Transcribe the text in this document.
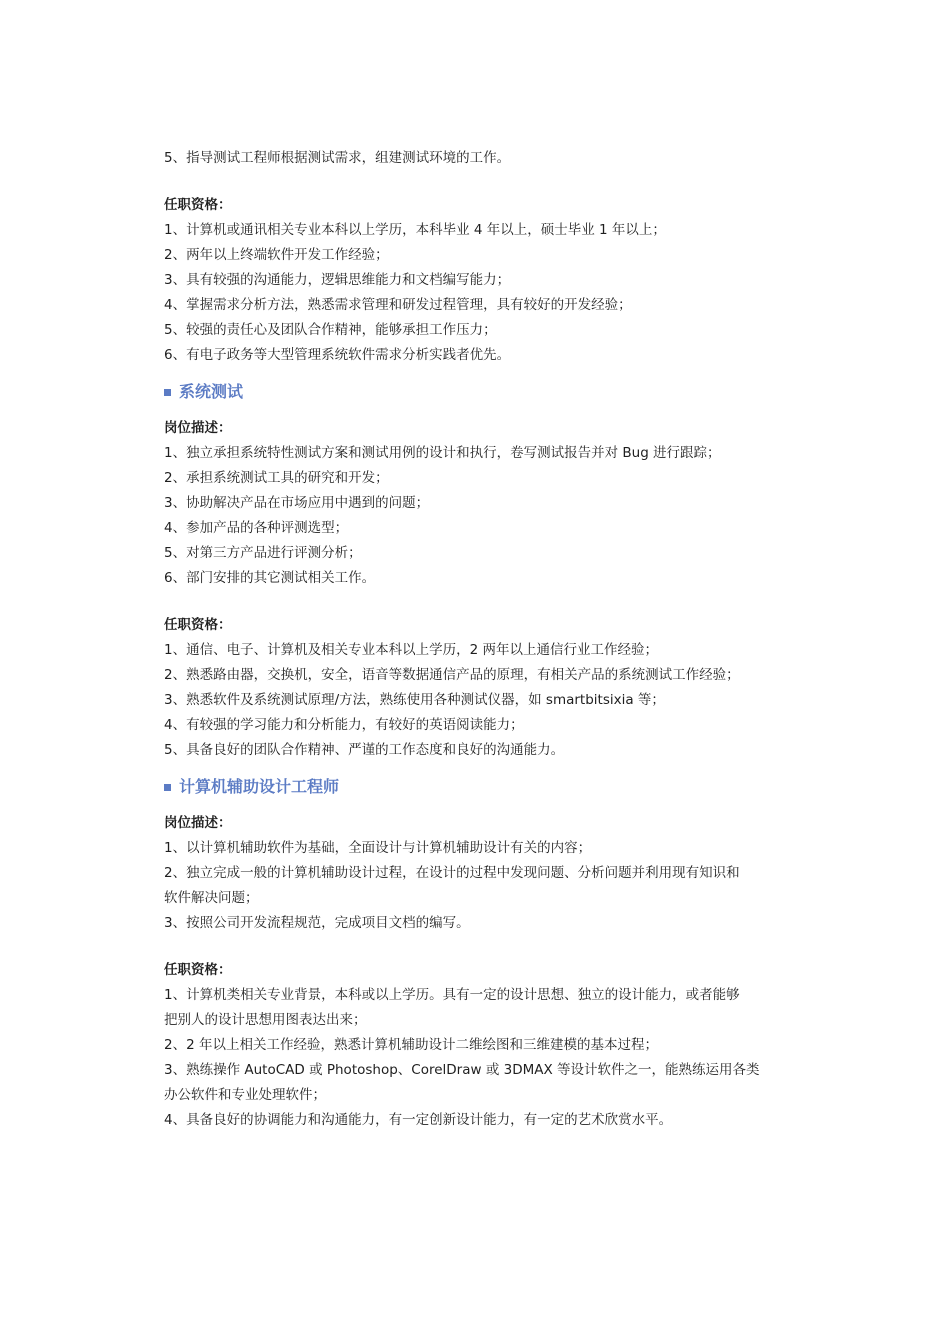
5、指导测试工程师根据测试需求，组建测试环境的工作。
任职资格：
1、计算机或通讯相关专业本科以上学历，本科毕业 4 年以上，硕士毕业 1 年以上；
2、两年以上终端软件开发工作经验；
3、具有较强的沟通能力，逻辑思维能力和文档编写能力；
4、掌握需求分析方法，熟悉需求管理和研发过程管理，具有较好的开发经验；
5、较强的责任心及团队合作精神，能够承担工作压力；
6、有电子政务等大型管理系统软件需求分析实践者优先。
系统测试
岗位描述：
1、独立承担系统特性测试方案和测试用例的设计和执行，卷写测试报告并对 Bug 进行跟踪；
2、承担系统测试工具的研究和开发；
3、协助解决产品在市场应用中遇到的问题；
4、参加产品的各种评测选型；
5、对第三方产品进行评测分析；
6、部门安排的其它测试相关工作。
任职资格：
1、通信、电子、计算机及相关专业本科以上学历，2 两年以上通信行业工作经验；
2、熟悉路由器，交换机，安全，语音等数据通信产品的原理，有相关产品的系统测试工作经验；
3、熟悉软件及系统测试原理/方法，熟练使用各种测试仪器，如 smartbitsixia 等；
4、有较强的学习能力和分析能力，有较好的英语阅读能力；
5、具备良好的团队合作精神、严谨的工作态度和良好的沟通能力。
计算机辅助设计工程师
岗位描述：
1、以计算机辅助软件为基础，全面设计与计算机辅助设计有关的内容；
2、独立完成一般的计算机辅助设计过程，在设计的过程中发现问题、分析问题并利用现有知识和
软件解决问题；
3、按照公司开发流程规范，完成项目文档的编写。
任职资格：
1、计算机类相关专业背景，本科或以上学历。具有一定的设计思想、独立的设计能力，或者能够
把别人的设计思想用图表达出来；
2、2 年以上相关工作经验，熟悉计算机辅助设计二维绘图和三维建模的基本过程；
3、熟练操作 AutoCAD 或 Photoshop、CorelDraw 或 3DMAX 等设计软件之一，能熟练运用各类
办公软件和专业处理软件；
4、具备良好的协调能力和沟通能力，有一定创新设计能力，有一定的艺术欣赏水平。
